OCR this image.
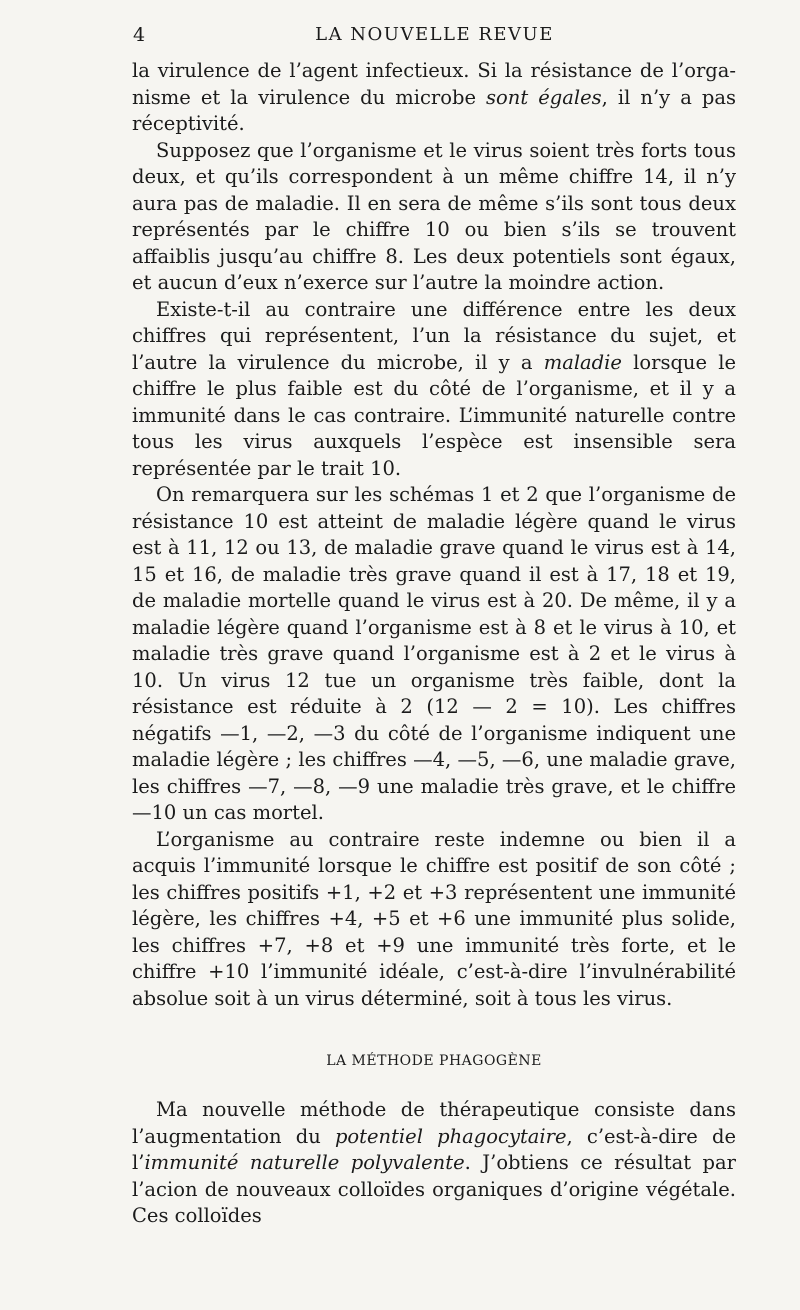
4	LA NOUVELLE REVUE

la virulence de l’agent infectieux. Si la résistance de l’organisme et la virulence du microbe sont égales, il n’y a pas réceptivité.

Supposez que l’organisme et le virus soient très forts tous deux, et qu’ils correspondent à un même chiffre 14, il n’y aura pas de maladie. Il en sera de même s’ils sont tous deux représentés par le chiffre 10 ou bien s’ils se trouvent affaiblis jusqu’au chiffre 8. Les deux potentiels sont égaux, et aucun d’eux n’exerce sur l’autre la moindre action.

Existe-t-il au contraire une différence entre les deux chiffres qui représentent, l’un la résistance du sujet, et l’autre la virulence du microbe, il y a maladie lorsque le chiffre le plus faible est du côté de l’organisme, et il y a immunité dans le cas contraire. L’immunité naturelle contre tous les virus auxquels l’espèce est insensible sera représentée par le trait 10.

On remarquera sur les schémas 1 et 2 que l’organisme de résistance 10 est atteint de maladie légère quand le virus est à 11, 12 ou 13, de maladie grave quand le virus est à 14, 15 et 16, de maladie très grave quand il est à 17, 18 et 19, de maladie mortelle quand le virus est à 20. De même, il y a maladie légère quand l’organisme est à 8 et le virus à 10, et maladie très grave quand l’organisme est à 2 et le virus à 10. Un virus 12 tue un organisme très faible, dont la résistance est réduite à 2 (12 — 2 = 10). Les chiffres négatifs —1, —2, —3 du côté de l’organisme indiquent une maladie légère ; les chiffres —4, —5, —6, une maladie grave, les chiffres —7, —8, —9 une maladie très grave, et le chiffre —10 un cas mortel.

L’organisme au contraire reste indemne ou bien il a acquis l’immunité lorsque le chiffre est positif de son côté ; les chiffres positifs +1, +2 et +3 représentent une immunité légère, les chiffres +4, +5 et +6 une immunité plus solide, les chiffres +7, +8 et +9 une immunité très forte, et le chiffre +10 l’immunité idéale, c’est-à-dire l’invulnérabilité absolue soit à un virus déterminé, soit à tous les virus.

LA MÉTHODE PHAGOGÈNE

Ma nouvelle méthode de thérapeutique consiste dans l’augmentation du potentiel phagocytaire, c’est-à-dire de l’immunité naturelle polyvalente. J’obtiens ce résultat par l’acion de nouveaux colloïdes organiques d’origine végétale. Ces colloïdes
